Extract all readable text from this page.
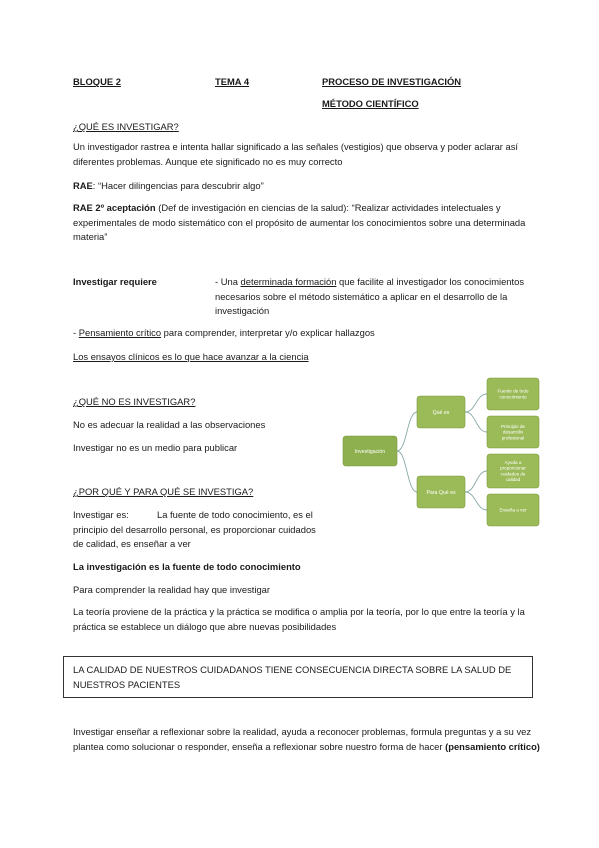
BLOQUE 2	TEMA 4	PROCESO DE INVESTIGACIÓN
MÉTODO CIENTÍFICO

¿QUÉ ES INVESTIGAR?

Un investigador rastrea e intenta hallar significado a las señales (vestigios) que observa y poder aclarar así diferentes problemas. Aunque ete significado no es muy correcto

RAE: “Hacer dilingencias para descubrir algo”

RAE 2º aceptación (Def de investigación en ciencias de la salud): “Realizar actividades intelectuales y experimentales de modo sistemático con el propósito de aumentar los conocimientos sobre una determinada materia”

Investigar requiere	- Una determinada formación que facilite al investigador los conocimientos necesarios sobre el método sistemático a aplicar en el desarrollo de la investigación

- Pensamiento crítico para comprender, interpretar y/o explicar hallazgos

Los ensayos clínicos es lo que hace avanzar a la ciencia

¿QUÉ NO ES INVESTIGAR?

No es adecuar la realidad a las observaciones

Investigar no es un medio para publicar	Investigación
Qué es
Para Qué es
Fuente de todo conocimiento
Principio de desarrollo profesional
Ayuda a proporcionar cuidados de calidad
Enseña a ver

¿POR QUÉ Y PARA QUÉ SE INVESTIGA?

Investigar es:	La fuente de todo conocimiento, es el principio del desarrollo personal, es proporcionar cuidados de calidad, es enseñar a ver

La investigación es la fuente de todo conocimiento

Para comprender la realidad hay que investigar

La teoría proviene de la práctica y la práctica se modifica o amplia por la teoría, por lo que entre la teoría y la práctica se establece un diálogo que abre nuevas posibilidades

LA CALIDAD DE NUESTROS CUIDADANOS TIENE CONSECUENCIA DIRECTA SOBRE LA SALUD DE NUESTROS PACIENTES

Investigar enseñar a reflexionar sobre la realidad, ayuda a reconocer problemas, formula preguntas y a su vez plantea como solucionar o responder, enseña a reflexionar sobre nuestro forma de hacer (pensamiento crítico)
